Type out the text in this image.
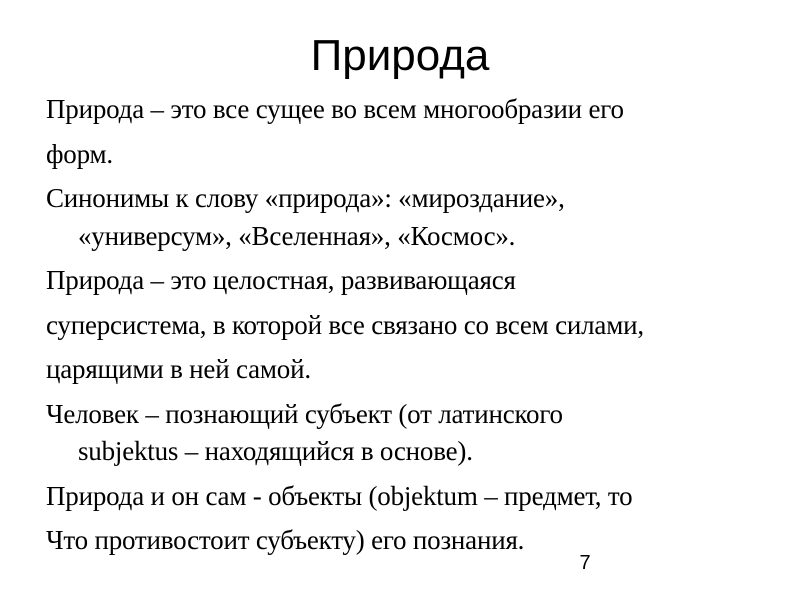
Природа
Природа – это все сущее во всем многообразии его
форм.
Синонимы к слову «природа»: «мироздание»,
«универсум», «Вселенная», «Космос».
Природа – это целостная, развивающаяся
суперсистема, в которой все связано со всем силами,
царящими в ней самой.
Человек – познающий субъект (от латинского
subjektus – находящийся в основе).
Природа и он сам - объекты (objektum – предмет, то
Что противостоит субъекту) его познания.
7
